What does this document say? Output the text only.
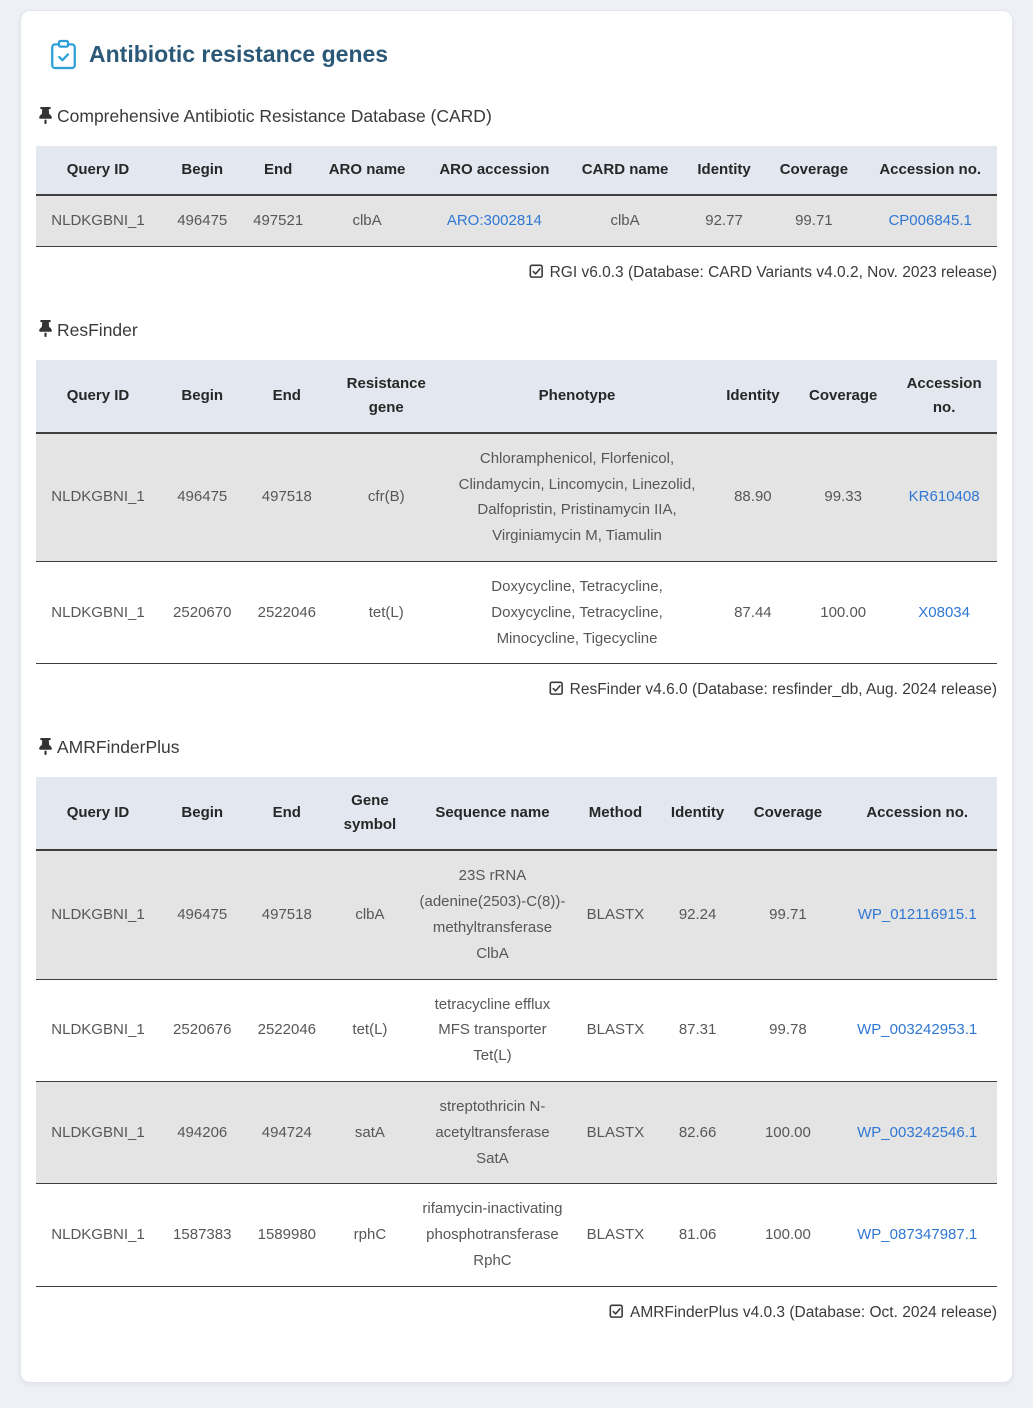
Antibiotic resistance genes
Comprehensive Antibiotic Resistance Database (CARD)
Query ID	Begin	End	ARO name	ARO accession	CARD name	Identity	Coverage	Accession no.
NLDKGBNI_1	496475	497521	clbA	ARO:3002814	clbA	92.77	99.71	CP006845.1
RGI v6.0.3 (Database: CARD Variants v4.0.2, Nov. 2023 release)
ResFinder
Query ID	Begin	End	Resistance gene	Phenotype	Identity	Coverage	Accession no.
NLDKGBNI_1	496475	497518	cfr(B)	Chloramphenicol, Florfenicol, Clindamycin, Lincomycin, Linezolid, Dalfopristin, Pristinamycin IIA, Virginiamycin M, Tiamulin	88.90	99.33	KR610408
NLDKGBNI_1	2520670	2522046	tet(L)	Doxycycline, Tetracycline, Doxycycline, Tetracycline, Minocycline, Tigecycline	87.44	100.00	X08034
ResFinder v4.6.0 (Database: resfinder_db, Aug. 2024 release)
AMRFinderPlus
Query ID	Begin	End	Gene symbol	Sequence name	Method	Identity	Coverage	Accession no.
NLDKGBNI_1	496475	497518	clbA	23S rRNA (adenine(2503)-C(8))-methyltransferase ClbA	BLASTX	92.24	99.71	WP_012116915.1
NLDKGBNI_1	2520676	2522046	tet(L)	tetracycline efflux MFS transporter Tet(L)	BLASTX	87.31	99.78	WP_003242953.1
NLDKGBNI_1	494206	494724	satA	streptothricin N-acetyltransferase SatA	BLASTX	82.66	100.00	WP_003242546.1
NLDKGBNI_1	1587383	1589980	rphC	rifamycin-inactivating phosphotransferase RphC	BLASTX	81.06	100.00	WP_087347987.1
AMRFinderPlus v4.0.3 (Database: Oct. 2024 release)
